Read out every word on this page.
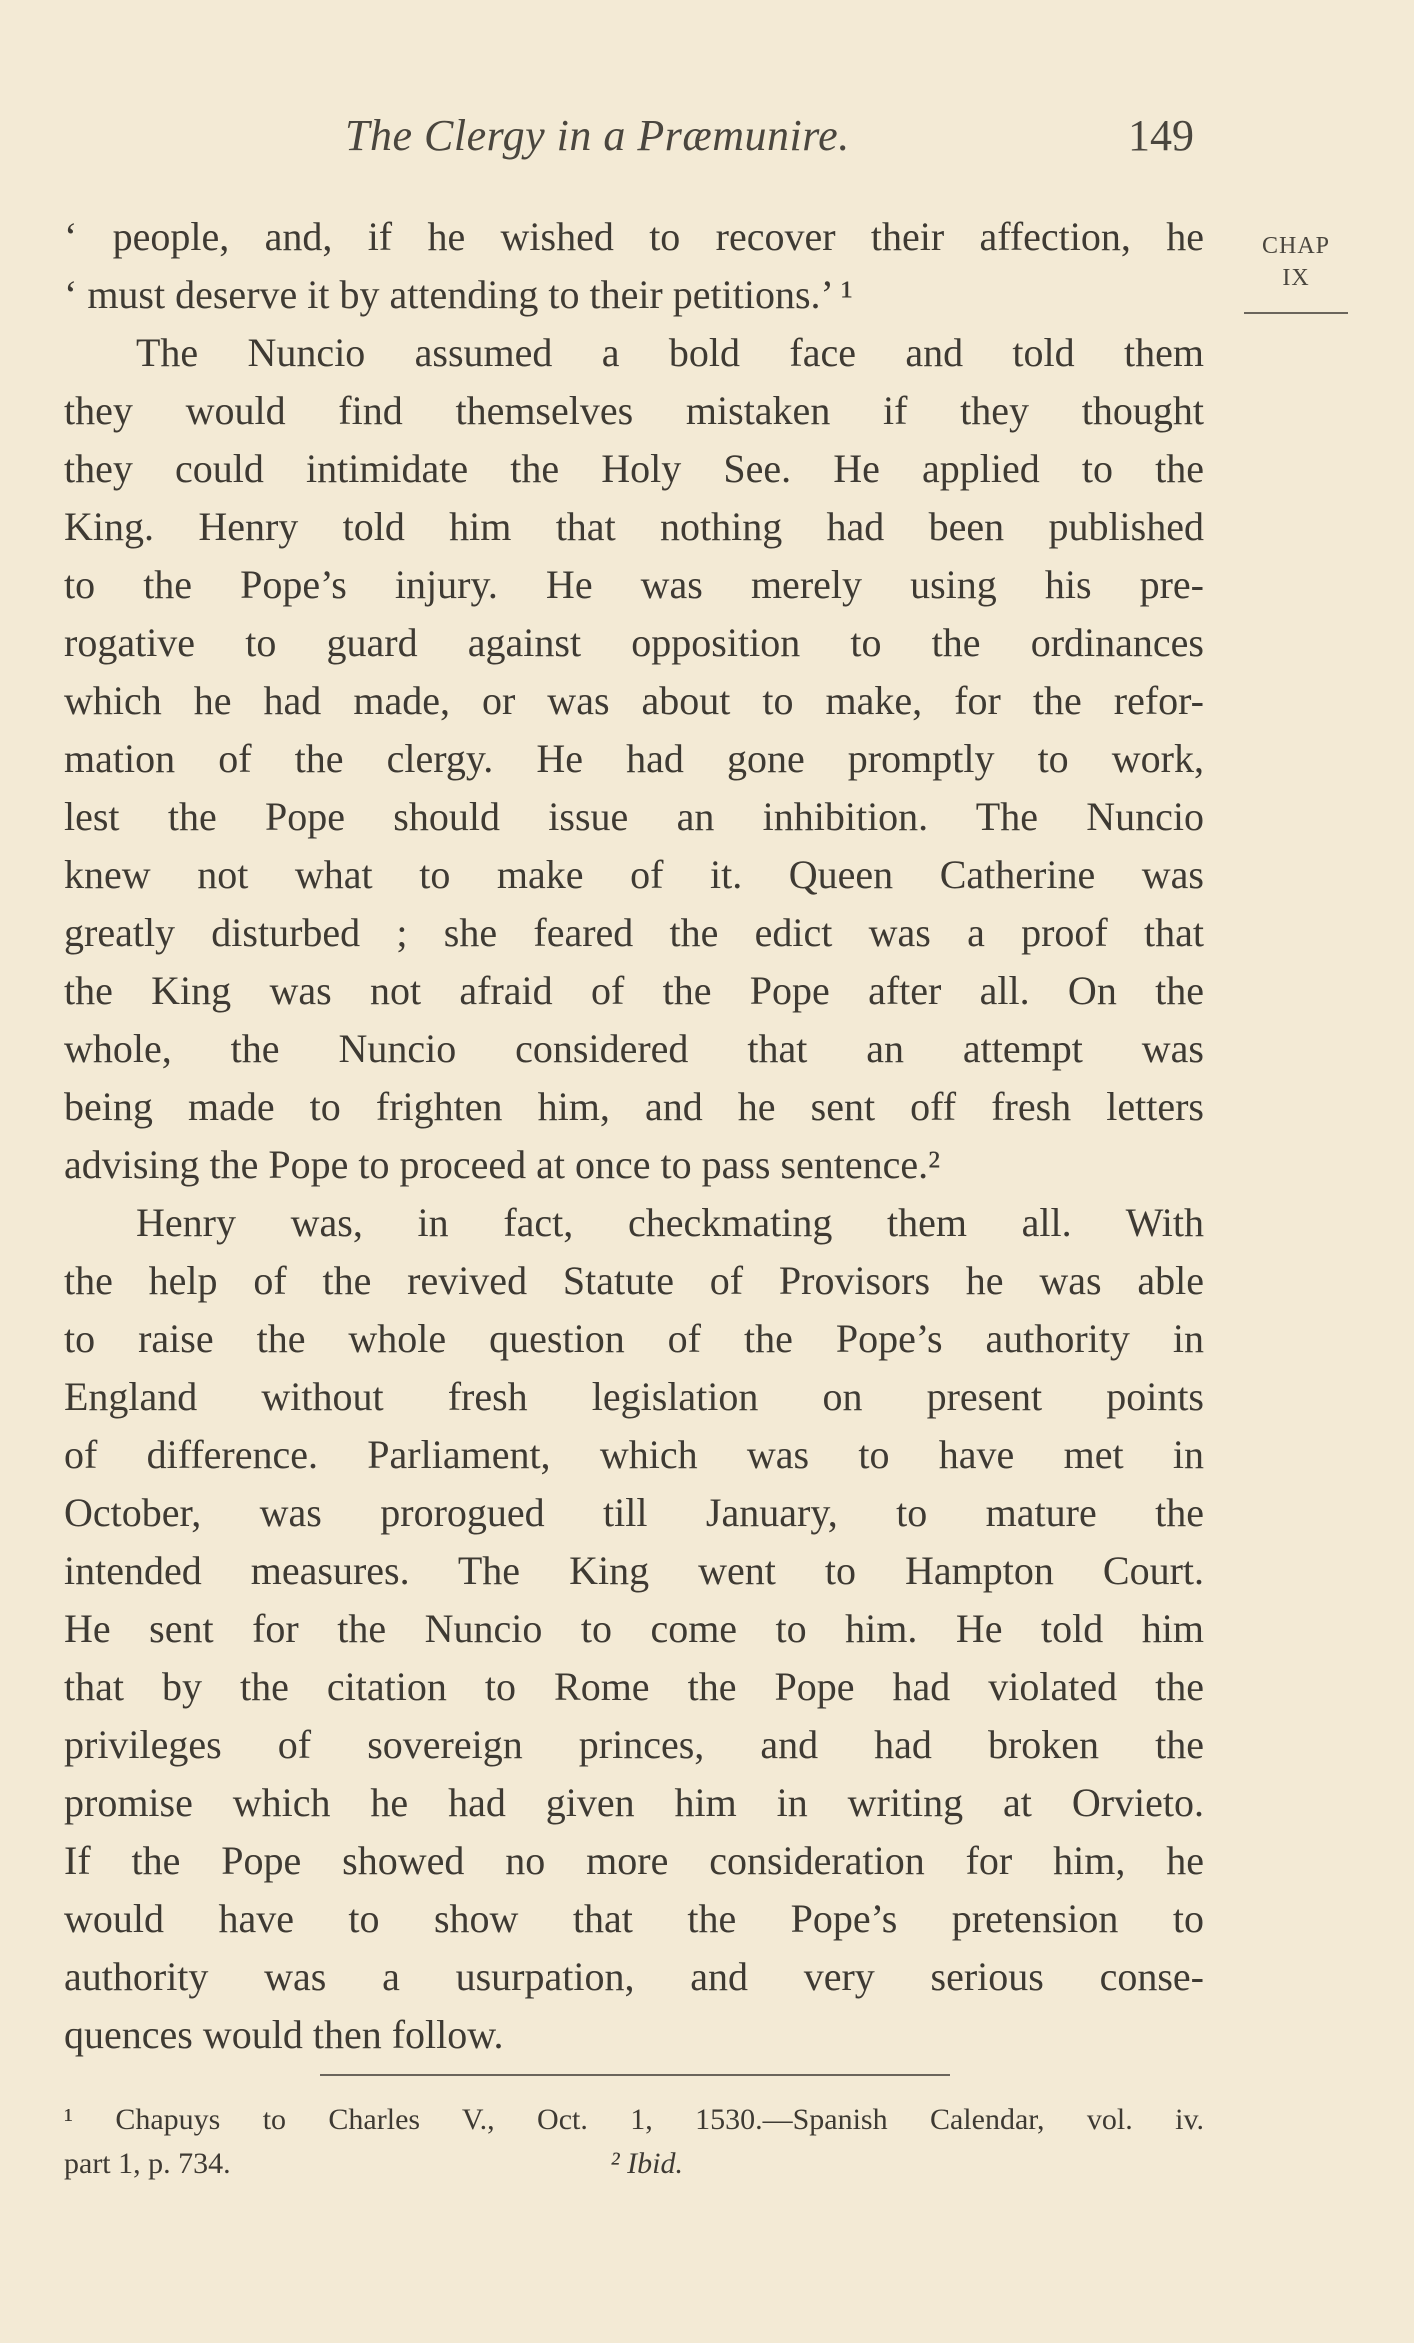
The Clergy in a Præmunire.	149
CHAP
IX
‘ people, and, if he wished to recover their affection, he
‘ must deserve it by attending to their petitions.’ ¹
The Nuncio assumed a bold face and told them
they would find themselves mistaken if they thought
they could intimidate the Holy See. He applied to the
King. Henry told him that nothing had been published
to the Pope’s injury. He was merely using his pre-
rogative to guard against opposition to the ordinances
which he had made, or was about to make, for the refor-
mation of the clergy. He had gone promptly to work,
lest the Pope should issue an inhibition. The Nuncio
knew not what to make of it. Queen Catherine was
greatly disturbed ; she feared the edict was a proof that
the King was not afraid of the Pope after all. On the
whole, the Nuncio considered that an attempt was
being made to frighten him, and he sent off fresh letters
advising the Pope to proceed at once to pass sentence.²
Henry was, in fact, checkmating them all. With
the help of the revived Statute of Provisors he was able
to raise the whole question of the Pope’s authority in
England without fresh legislation on present points
of difference. Parliament, which was to have met in
October, was prorogued till January, to mature the
intended measures. The King went to Hampton Court.
He sent for the Nuncio to come to him. He told him
that by the citation to Rome the Pope had violated the
privileges of sovereign princes, and had broken the
promise which he had given him in writing at Orvieto.
If the Pope showed no more consideration for him, he
would have to show that the Pope’s pretension to
authority was a usurpation, and very serious conse-
quences would then follow.
¹ Chapuys to Charles V., Oct. 1, 1530.—Spanish Calendar, vol. iv.
part 1, p. 734.	² Ibid.
